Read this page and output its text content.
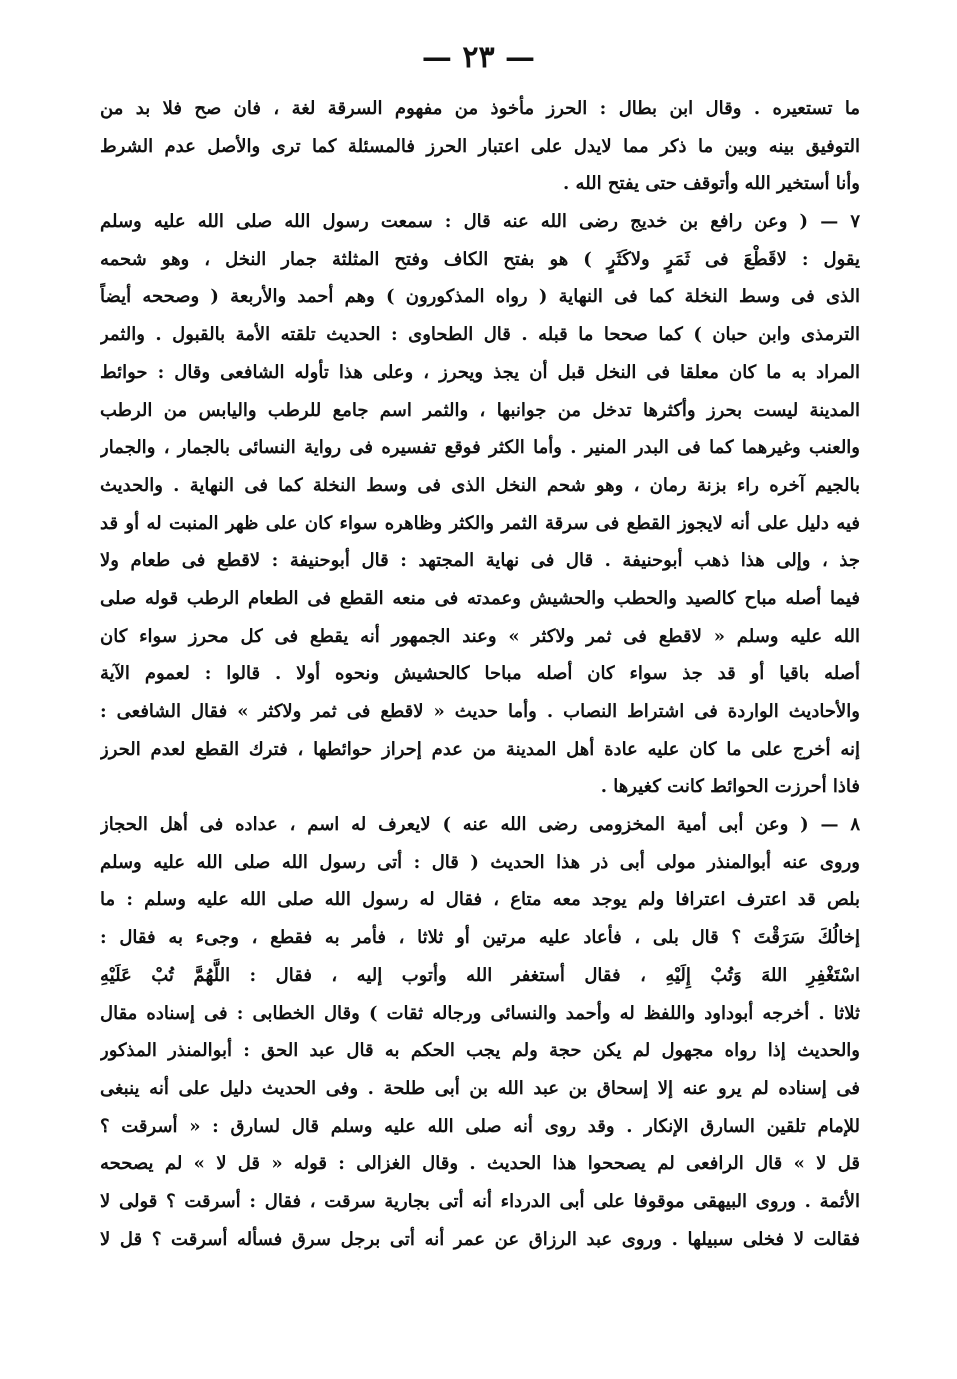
— ٢٣ —
ما تستعيره . وقال ابن بطال : الحرز مأخوذ من مفهوم السرقة لغة ، فان صح فلا بد من
التوفيق بينه وبين ما ذكر مما لايدل على اعتبار الحرز فالمسئلة كما ترى والأصل عدم الشرط
وأنا أستخير الله وأتوقف حتى يفتح الله .
٧ — ( وعن رافع بن خديج رضى الله عنه قال : سمعت رسول الله صلى الله عليه وسلم
يقول : لاقَطْعَ فى ثَمَرٍ ولاكَثَرٍ ) هو بفتح الكاف وفتح المثلثة جمار النخل ، وهو شحمه
الذى فى وسط النخلة كما فى النهاية ( رواه المذكورون ) وهم أحمد والأربعة ( وصححه أيضاً
الترمذى وابن حبان ) كما صححا ما قبله . قال الطحاوى : الحديث تلقته الأمة بالقبول . والثمر
المراد به ما كان معلقا فى النخل قبل أن يجذ ويحرز ، وعلى هذا تأوله الشافعى وقال : حوائط
المدينة ليست بحرز وأكثرها تدخل من جوانبها ، والثمر اسم جامع للرطب واليابس من الرطب
والعنب وغيرهما كما فى البدر المنير . وأما الكثر فوقع تفسيره فى رواية النسائى بالجمار ، والجمار
بالجيم آخره راء بزنة رمان ، وهو شحم النخل الذى فى وسط النخلة كما فى النهاية . والحديث
فيه دليل على أنه لايجوز القطع فى سرقة الثمر والكثر وظاهره سواء كان على ظهر المنبت له أو قد
جذ ، وإلى هذا ذهب أبوحنيفة . قال فى نهاية المجتهد : قال أبوحنيفة : لاقطع فى طعام ولا
فيما أصله مباح كالصيد والحطب والحشيش وعمدته فى منعه القطع فى الطعام الرطب قوله صلى
الله عليه وسلم « لاقطع فى ثمر ولاكثر » وعند الجمهور أنه يقطع فى كل محرز سواء كان
أصله باقيا أو قد جذ سواء كان أصله مباحا كالحشيش ونحوه أولا . قالوا : لعموم الآية
والأحاديث الواردة فى اشتراط النصاب . وأما حديث « لاقطع فى ثمر ولاكثر » فقال الشافعى :
إنه أخرج على ما كان عليه عادة أهل المدينة من عدم إحراز حوائطها ، فترك القطع لعدم الحرز
فاذا أحرزت الحوائط كانت كغيرها .
٨ — ( وعن أبى أمية المخزومى رضى الله عنه ) لايعرف له اسم ، عداده فى أهل الحجاز
وروى عنه أبوالمنذر مولى أبى ذر هذا الحديث ( قال : أتى رسول الله صلى الله عليه وسلم
بلص قد اعترف اعترافا ولم يوجد معه متاع ، فقال له رسول الله صلى الله عليه وسلم : ما
إخالُكَ سَرَقْتَ ؟ قال بلى ، فأعاد عليه مرتين أو ثلاثا ، فأمر به فقطع ، وجىء به فقال :
اسْتَغْفِرِ اللهَ وَتُبْ إِلَيْهِ ، فقال أستغفر الله وأتوب إليه ، فقال : اللَّهُمَّ تُبْ عَلَيْهِ
ثلاثا . أخرجه أبوداود واللفظ له وأحمد والنسائى ورجاله ثقات ) وقال الخطابى : فى إسناده مقال
والحديث إذا رواه مجهول لم يكن حجة ولم يجب الحكم به قال عبد الحق : أبوالمنذر المذكور
فى إسناده لم يرو عنه إلا إسحاق بن عبد الله بن أبى طلحة . وفى الحديث دليل على أنه ينبغى
للإمام تلقين السارق الإنكار . وقد روى أنه صلى الله عليه وسلم قال لسارق : « أسرقت ؟
قل لا » قال الرافعى لم يصححوا هذا الحديث . وقال الغزالى : قوله « قل لا » لم يصححه
الأئمة . وروى البيهقى موقوفا على أبى الدرداء أنه أتى بجارية سرقت ، فقال : أسرقت ؟ قولى لا
فقالت لا فخلى سبيلها . وروى عبد الرزاق عن عمر أنه أتى برجل سرق فسأله أسرقت ؟ قل لا
